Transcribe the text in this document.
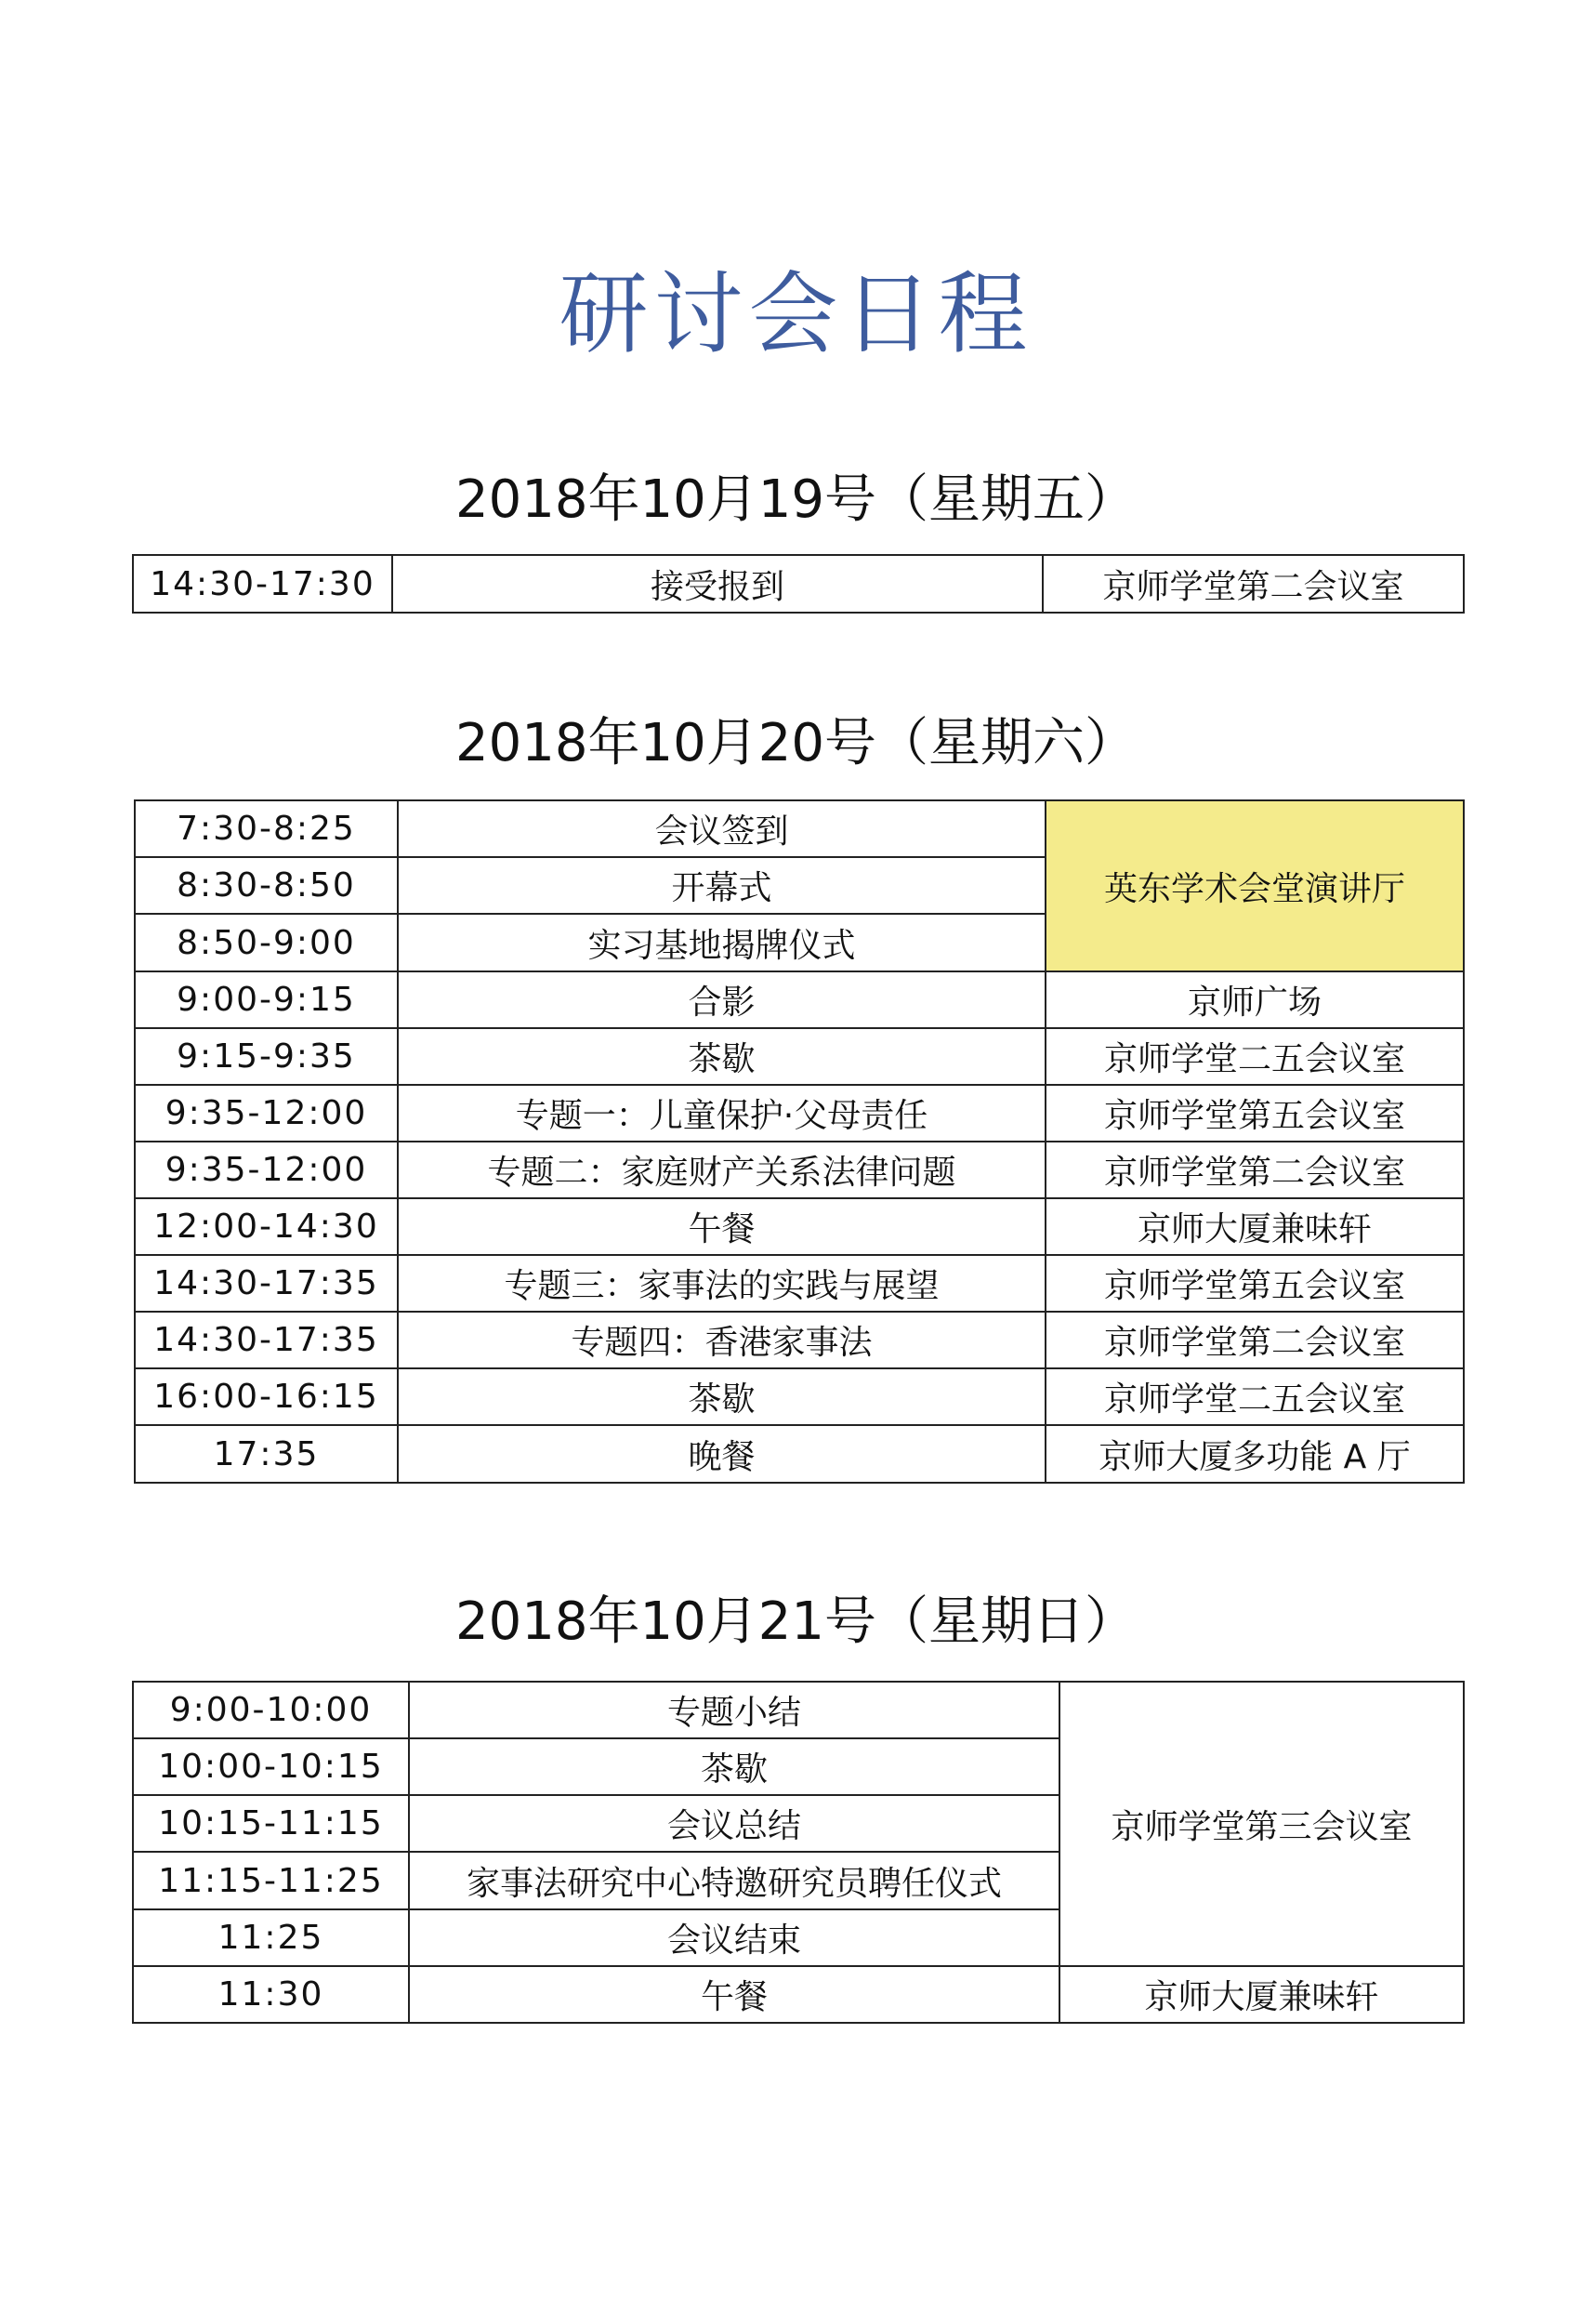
研讨会日程
2018年10月19号（星期五）
14:30-17:30	接受报到	京师学堂第二会议室
2018年10月20号（星期六）
7:30-8:25	会议签到	英东学术会堂演讲厅
8:30-8:50	开幕式	
8:50-9:00	实习基地揭牌仪式	
9:00-9:15	合影	京师广场
9:15-9:35	茶歇	京师学堂二五会议室
9:35-12:00	专题一：儿童保护·父母责任	京师学堂第五会议室
9:35-12:00	专题二：家庭财产关系法律问题	京师学堂第二会议室
12:00-14:30	午餐	京师大厦兼味轩
14:30-17:35	专题三：家事法的实践与展望	京师学堂第五会议室
14:30-17:35	专题四：香港家事法	京师学堂第二会议室
16:00-16:15	茶歇	京师学堂二五会议室
17:35	晚餐	京师大厦多功能 A 厅
2018年10月21号（星期日）
9:00-10:00	专题小结	京师学堂第三会议室
10:00-10:15	茶歇	
10:15-11:15	会议总结	
11:15-11:25	家事法研究中心特邀研究员聘任仪式	
11:25	会议结束	
11:30	午餐	京师大厦兼味轩
